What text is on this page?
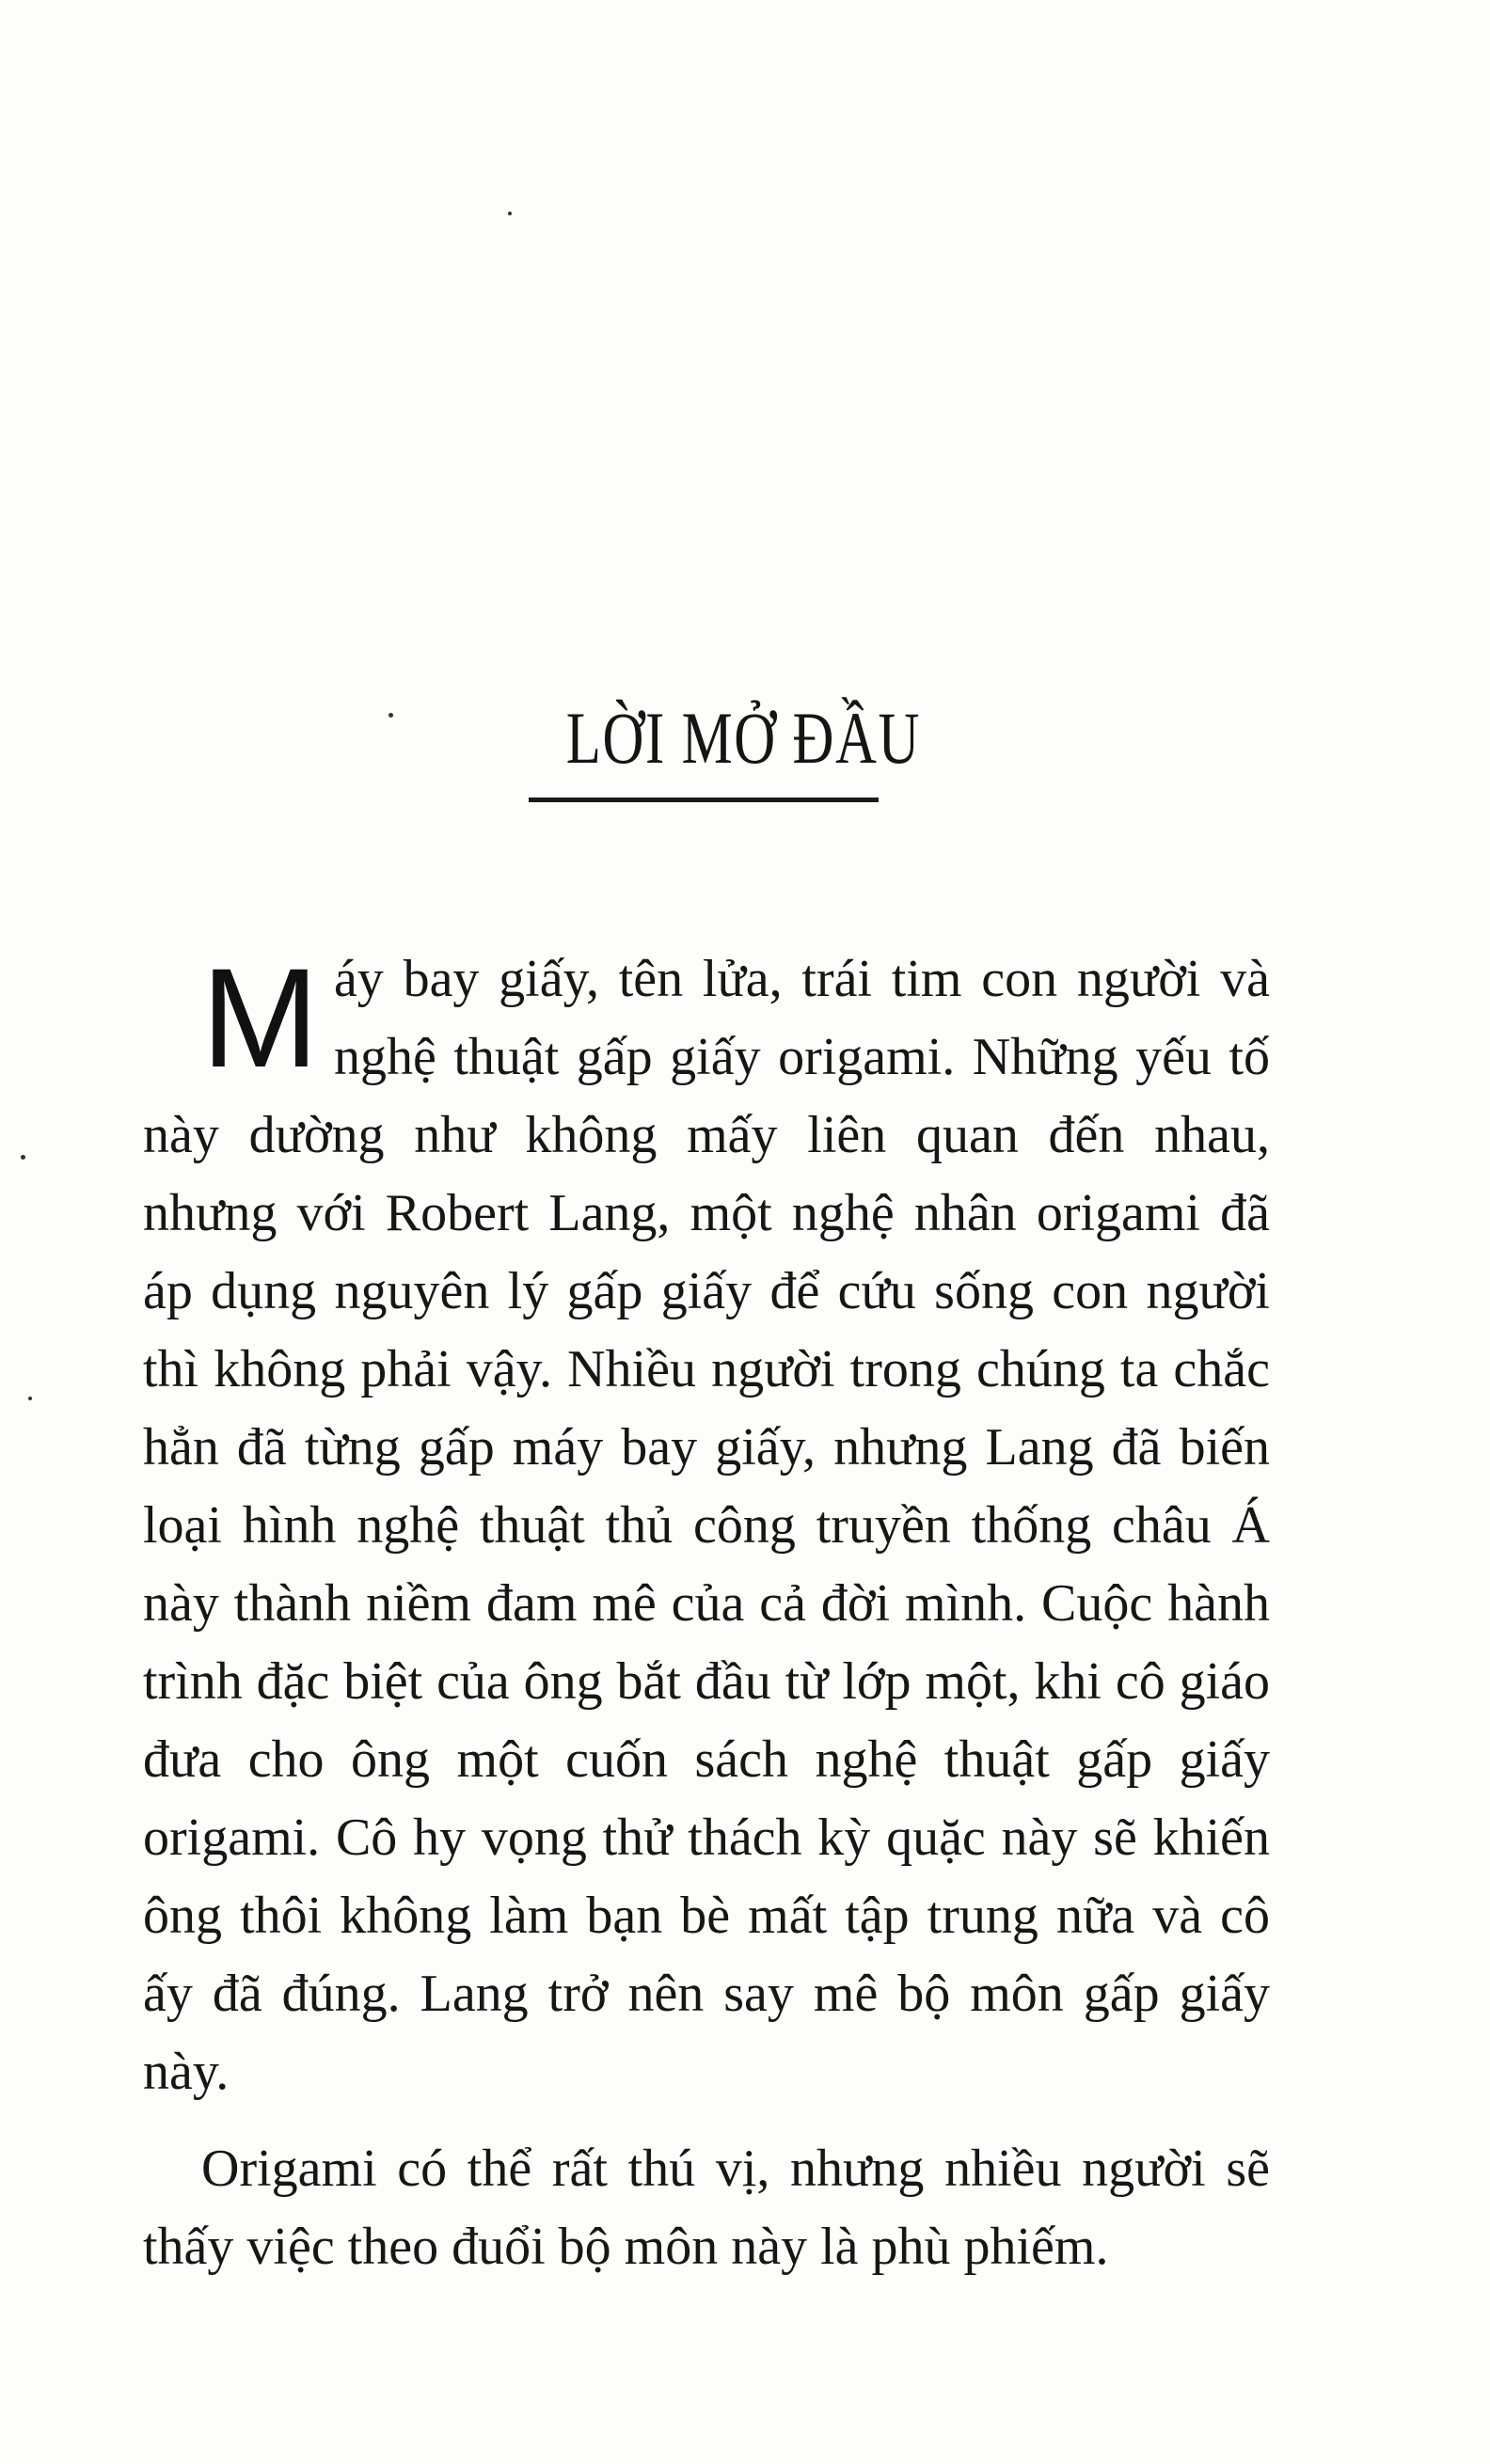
LỜI MỞ ĐẦU

M áy bay giấy, tên lửa, trái tim con người và nghệ thuật gấp giấy origami. Những yếu tố này dường như không mấy liên quan đến nhau, nhưng với Robert Lang, một nghệ nhân origami đã áp dụng nguyên lý gấp giấy để cứu sống con người thì không phải vậy. Nhiều người trong chúng ta chắc hẳn đã từng gấp máy bay giấy, nhưng Lang đã biến loại hình nghệ thuật thủ công truyền thống châu Á này thành niềm đam mê của cả đời mình. Cuộc hành trình đặc biệt của ông bắt đầu từ lớp một, khi cô giáo đưa cho ông một cuốn sách nghệ thuật gấp giấy origami. Cô hy vọng thử thách kỳ quặc này sẽ khiến ông thôi không làm bạn bè mất tập trung nữa và cô ấy đã đúng. Lang trở nên say mê bộ môn gấp giấy này.

Origami có thể rất thú vị, nhưng nhiều người sẽ thấy việc theo đuổi bộ môn này là phù phiếm.
